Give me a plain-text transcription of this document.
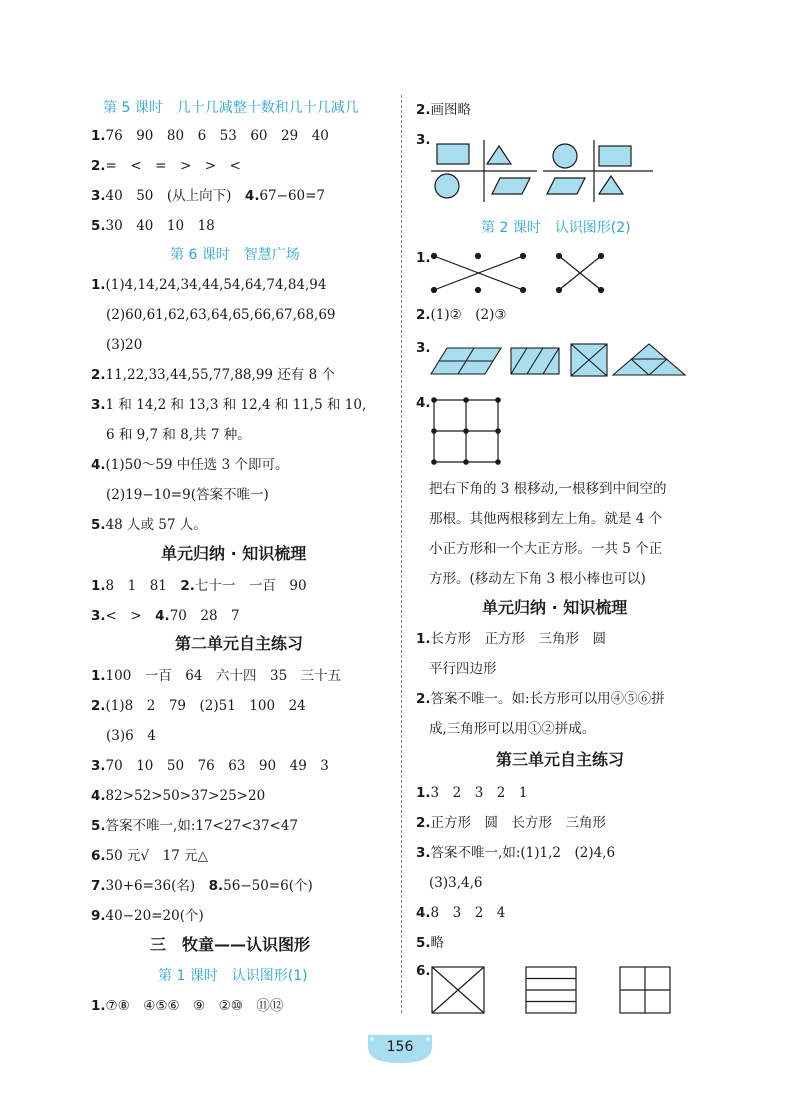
第 5 课时　几十几减整十数和几十几减几
1.76　90　80　6　53　60　29　40
2.=　<　=　>　>　<
3.40　50　(从上向下)　4.67−60=7
5.30　40　10　18
第 6 课时　智慧广场
1.(1)4,14,24,34,44,54,64,74,84,94
(2)60,61,62,63,64,65,66,67,68,69
(3)20
2.11,22,33,44,55,77,88,99 还有 8 个
3.1 和 14,2 和 13,3 和 12,4 和 11,5 和 10,
6 和 9,7 和 8,共 7 种。
4.(1)50～59 中任选 3 个即可。
(2)19−10=9(答案不唯一)
5.48 人或 57 人。
单元归纳 · 知识梳理
1.8　1　81　2.七十一　一百　90
3.<　>　4.70　28　7
第二单元自主练习
1.100　一百　64　六十四　35　三十五
2.(1)8　2　79　(2)51　100　24
(3)6　4
3.70　10　50　76　63　90　49　3
4.82>52>50>37>25>20
5.答案不唯一,如:17<27<37<47
6.50 元√　17 元△
7.30+6=36(名)　8.56−50=6(个)
9.40−20=20(个)
三　牧童——认识图形
第 1 课时　认识图形(1)
1.⑦⑧　④⑤⑥　⑨　②⑩　⑪⑫
2.画图略
3.
第 2 课时　认识图形(2)
1.
2.(1)②　(2)③
3.
4.
把右下角的 3 根移动,一根移到中间空的
那根。其他两根移到左上角。就是 4 个
小正方形和一个大正方形。一共 5 个正
方形。(移动左下角 3 根小棒也可以)
单元归纳 · 知识梳理
1.长方形　正方形　三角形　圆
平行四边形
2.答案不唯一。如:长方形可以用④⑤⑥拼
成,三角形可以用①②拼成。
第三单元自主练习
1.3　2　3　2　1
2.正方形　圆　长方形　三角形
3.答案不唯一,如:(1)1,2　(2)4,6
(3)3,4,6
4.8　3　2　4
5.略
6.
156
